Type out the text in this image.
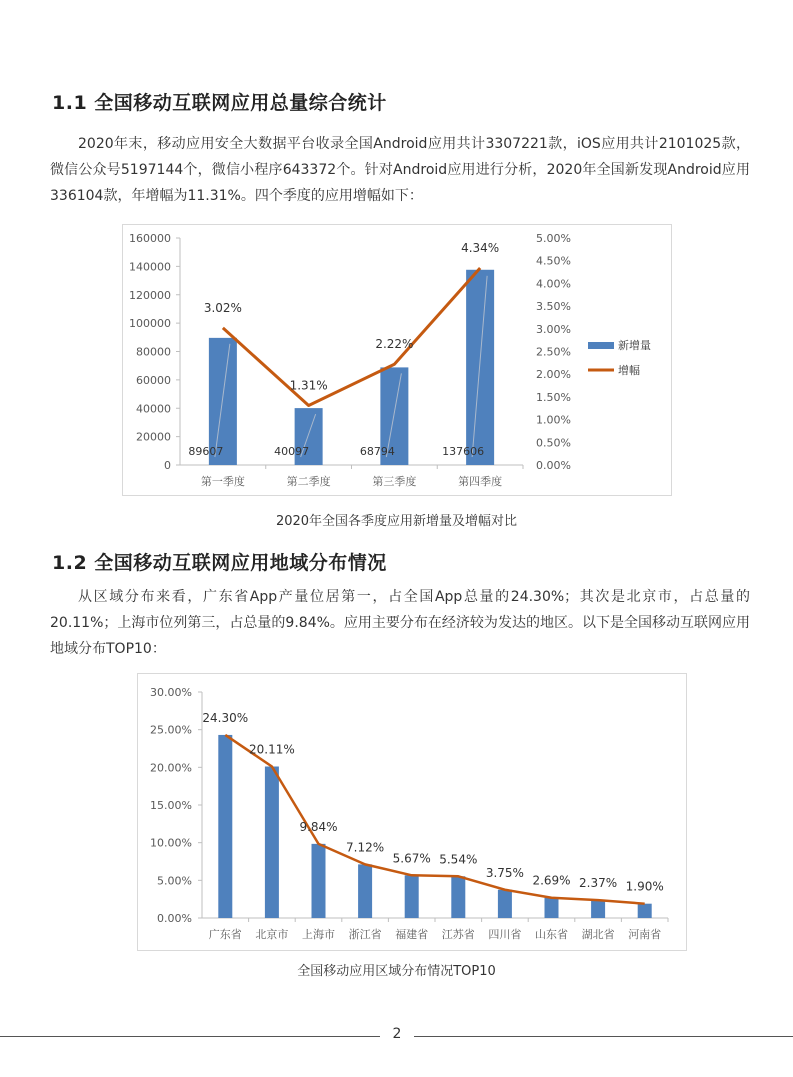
1.1 全国移动互联网应用总量综合统计

2020年末，移动应用安全大数据平台收录全国Android应用共计3307221款，iOS应用共计2101025款，微信公众号5197144个，微信小程序643372个。针对Android应用进行分析，2020年全国新发现Android应用336104款，年增幅为11.31%。四个季度的应用增幅如下：

0
20000
40000
60000
80000
100000
120000
140000
160000
0.00%
0.50%
1.00%
1.50%
2.00%
2.50%
3.00%
3.50%
4.00%
4.50%
5.00%
89607
第一季度
40097
第二季度
68794
第三季度
137606
第四季度
3.02%
1.31%
2.22%
4.34%
新增量
增幅
2020年全国各季度应用新增量及增幅对比
1.2 全国移动互联网应用地域分布情况

从区域分布来看，广东省App产量位居第一，占全国App总量的24.30%；其次是北京市，占总量的20.11%；上海市位列第三，占总量的9.84%。应用主要分布在经济较为发达的地区。以下是全国移动互联网应用地域分布TOP10：

0.00%
5.00%
10.00%
15.00%
20.00%
25.00%
30.00%
广东省 北京市 上海市 浙江省 福建省 江苏省 四川省 山东省 湖北省 河南省
24.30%
20.11%
9.84%
7.12%
5.67% 5.54%
3.75%
2.69% 2.37% 1.90%
全国移动应用区域分布情况TOP10
2
